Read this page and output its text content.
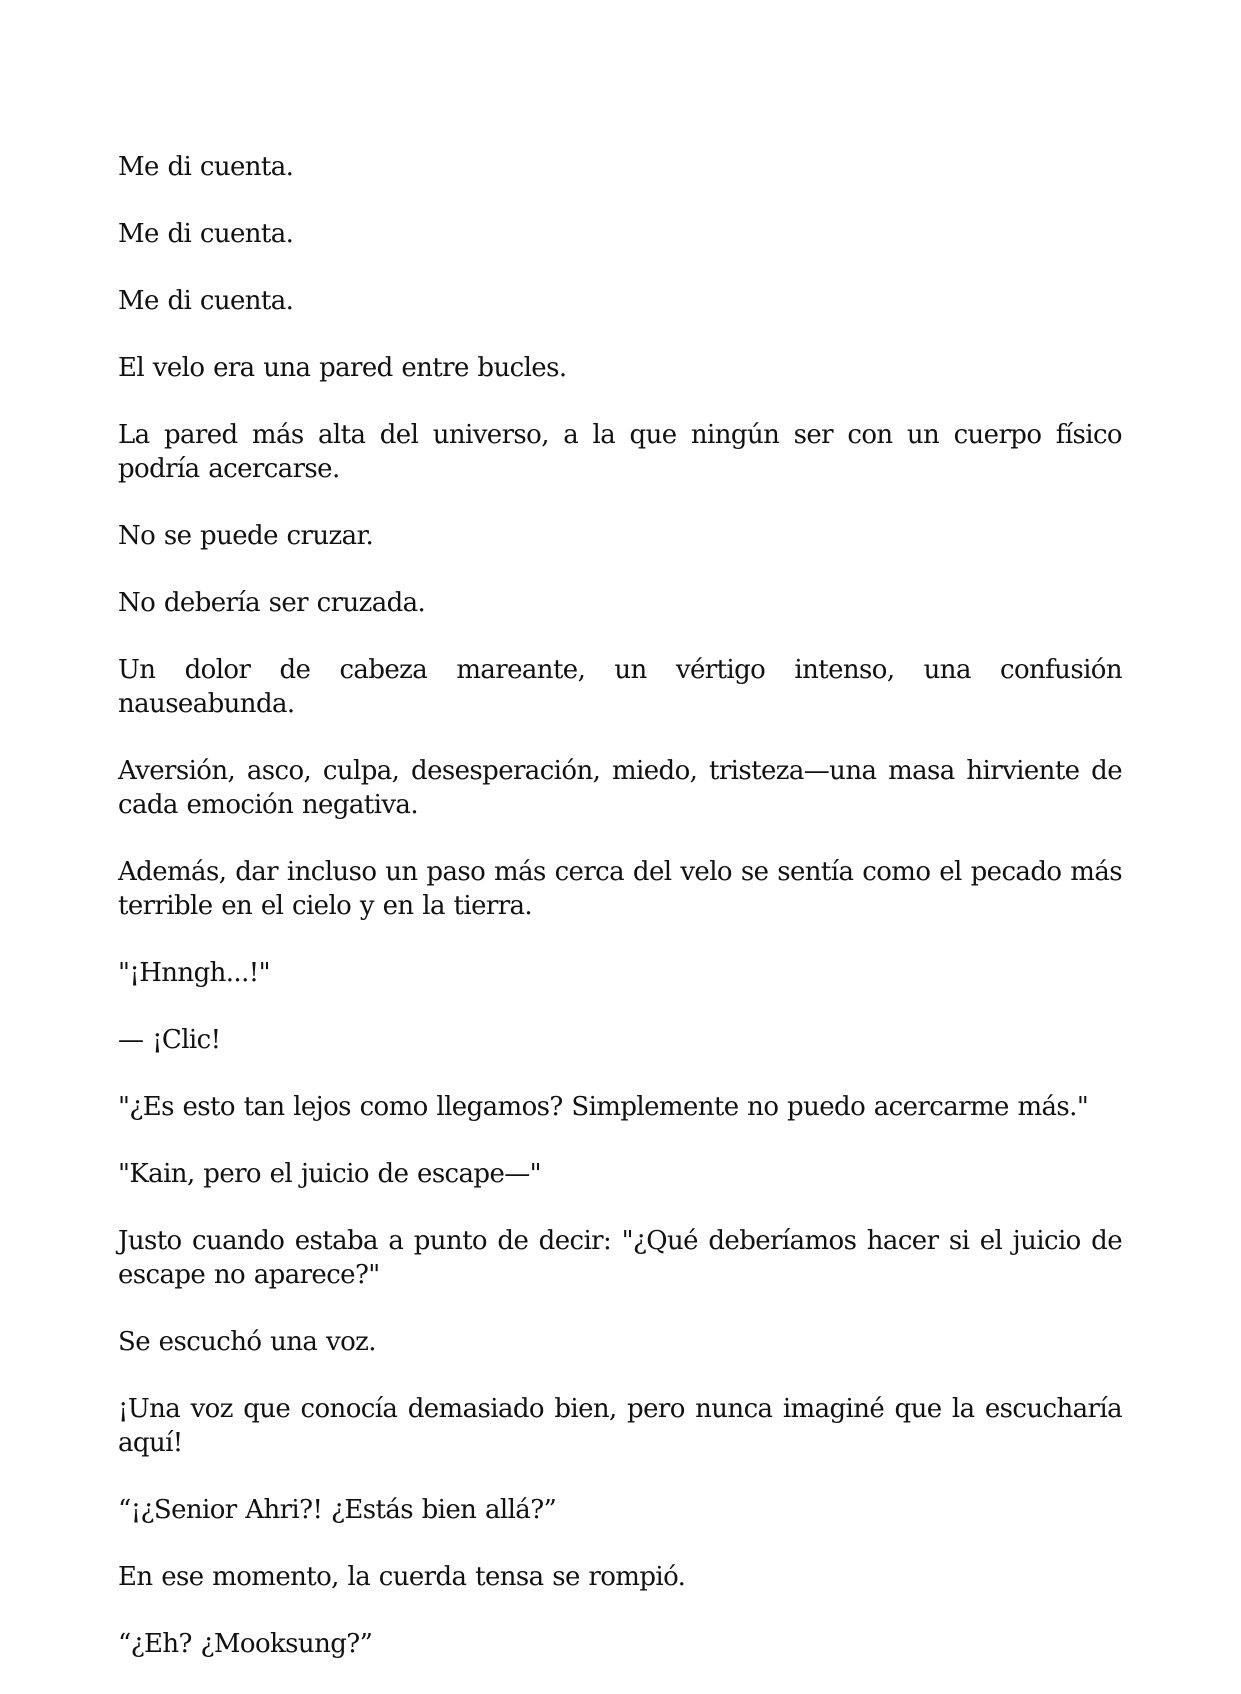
Me di cuenta.

Me di cuenta.

Me di cuenta.

El velo era una pared entre bucles.

La pared más alta del universo, a la que ningún ser con un cuerpo físico podría acercarse.

No se puede cruzar.

No debería ser cruzada.

Un dolor de cabeza mareante, un vértigo intenso, una confusión nauseabunda.

Aversión, asco, culpa, desesperación, miedo, tristeza—una masa hirviente de cada emoción negativa.

Además, dar incluso un paso más cerca del velo se sentía como el pecado más terrible en el cielo y en la tierra.

"¡Hnngh...!"

— ¡Clic!

"¿Es esto tan lejos como llegamos? Simplemente no puedo acercarme más."

"Kain, pero el juicio de escape—"

Justo cuando estaba a punto de decir: "¿Qué deberíamos hacer si el juicio de escape no aparece?"

Se escuchó una voz.

¡Una voz que conocía demasiado bien, pero nunca imaginé que la escucharía aquí!

“¡¿Senior Ahri?! ¿Estás bien allá?”

En ese momento, la cuerda tensa se rompió.

“¿Eh? ¿Mooksung?”
